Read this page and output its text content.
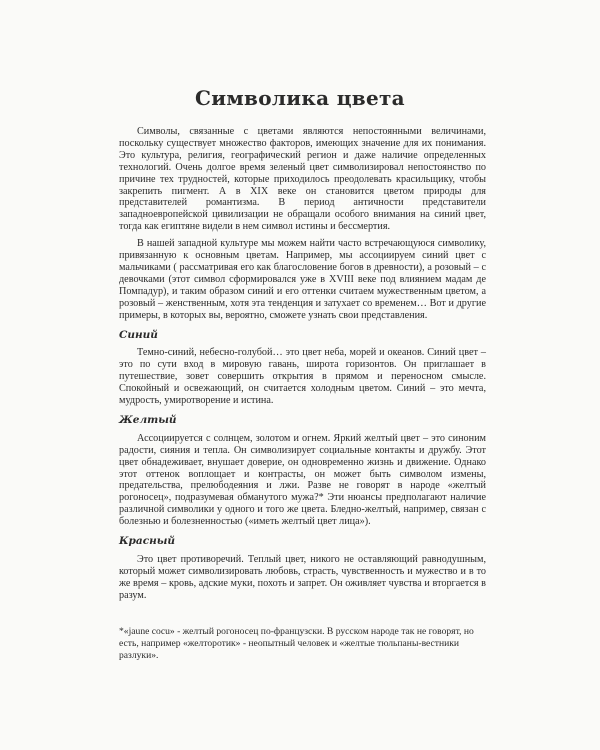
Символика цвета

Символы, связанные с цветами являются непостоянными величинами, поскольку существует множество факторов, имеющих значение для их понимания. Это культура, религия, географический регион и даже наличие определенных технологий. Очень долгое время зеленый цвет символизировал непостоянство по причине тех трудностей, которые приходилось преодолевать красильщику, чтобы закрепить пигмент. А в XIX веке он становится цветом природы для представителей романтизма. В период античности представители западноевропейской цивилизации не обращали особого внимания на синий цвет, тогда как египтяне видели в нем символ истины и бессмертия.

В нашей западной культуре мы можем найти часто встречающуюся символику, привязанную к основным цветам. Например, мы ассоциируем синий цвет с мальчиками ( рассматривая его как благословение богов в древности), а розовый – с девочками (этот символ сформировался уже в XVIII веке под влиянием мадам де Помпадур), и таким образом синий и его оттенки считаем мужественным цветом, а розовый – женственным, хотя эта тенденция и затухает со временем… Вот и другие примеры, в которых вы, вероятно, сможете узнать свои представления.

Синий

Темно-синий, небесно-голубой… это цвет неба, морей и океанов. Синий цвет – это по сути вход в мировую гавань, широта горизонтов. Он приглашает в путешествие, зовет совершить открытия в прямом и переносном смысле. Спокойный и освежающий, он считается холодным цветом. Синий – это мечта, мудрость, умиротворение и истина.

Желтый

Ассоциируется с солнцем, золотом и огнем. Яркий желтый цвет – это синоним радости, сияния и тепла. Он символизирует социальные контакты и дружбу. Этот цвет обнадеживает, внушает доверие, он одновременно жизнь и движение. Однако этот оттенок воплощает и контрасты, он может быть символом измены, предательства, прелюбодеяния и лжи. Разве не говорят в народе «желтый рогоносец», подразумевая обманутого мужа?* Эти нюансы предполагают наличие различной символики у одного и того же цвета. Бледно-желтый, например, связан с болезнью и болезненностью («иметь желтый цвет лица»).

Красный

Это цвет противоречий. Теплый цвет, никого не оставляющий равнодушным, который может символизировать любовь, страсть, чувственность и мужество и в то же время – кровь, адские муки, похоть и запрет. Он оживляет чувства и вторгается в разум.

*«jaune cocu» - желтый рогоносец по-французски. В русском народе так не говорят, но есть, например «желторотик» - неопытный человек и «желтые тюльпаны-вестники разлуки».
